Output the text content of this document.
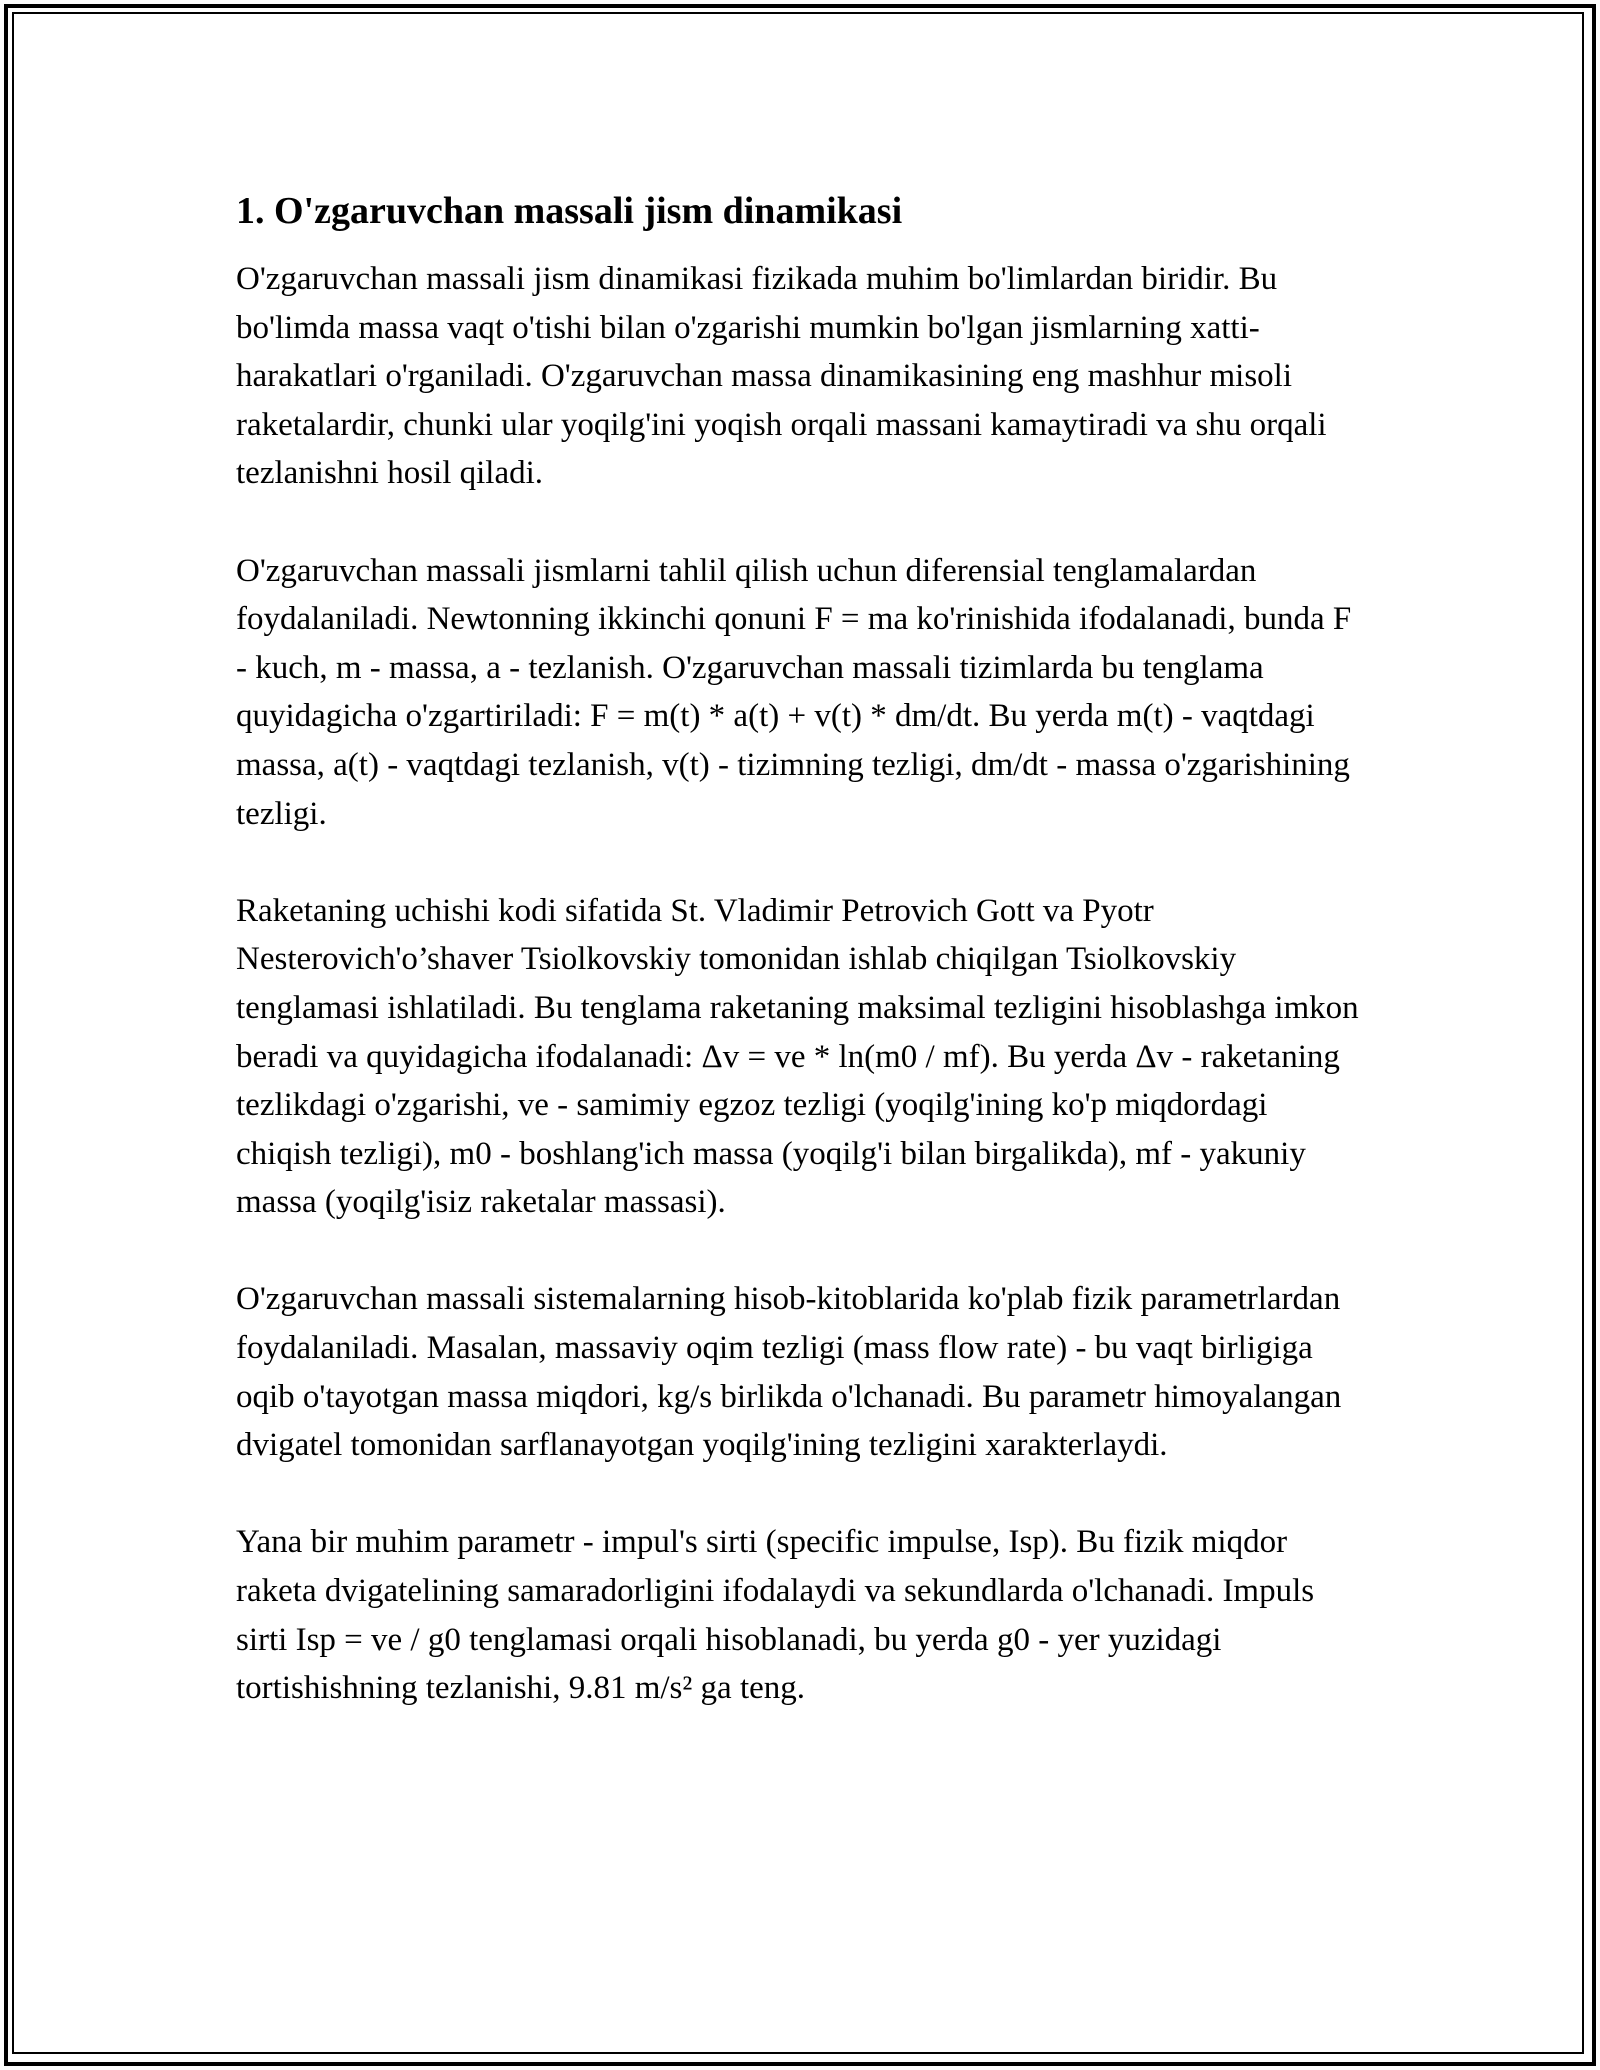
1. O'zgaruvchan massali jism dinamikasi

O'zgaruvchan massali jism dinamikasi fizikada muhim bo'limlardan biridir. Bu bo'limda massa vaqt o'tishi bilan o'zgarishi mumkin bo'lgan jismlarning xatti-harakatlari o'rganiladi. O'zgaruvchan massa dinamikasining eng mashhur misoli raketalardir, chunki ular yoqilg'ini yoqish orqali massani kamaytiradi va shu orqali tezlanishni hosil qiladi.

O'zgaruvchan massali jismlarni tahlil qilish uchun diferensial tenglamalardan foydalaniladi. Newtonning ikkinchi qonuni F = ma ko'rinishida ifodalanadi, bunda F - kuch, m - massa, a - tezlanish. O'zgaruvchan massali tizimlarda bu tenglama quyidagicha o'zgartiriladi: F = m(t) * a(t) + v(t) * dm/dt. Bu yerda m(t) - vaqtdagi massa, a(t) - vaqtdagi tezlanish, v(t) - tizimning tezligi, dm/dt - massa o'zgarishining tezligi.

Raketaning uchishi kodi sifatida St. Vladimir Petrovich Gott va Pyotr Nesterovich'o’shaver Tsiolkovskiy tomonidan ishlab chiqilgan Tsiolkovskiy tenglamasi ishlatiladi. Bu tenglama raketaning maksimal tezligini hisoblashga imkon beradi va quyidagicha ifodalanadi: Δv = ve * ln(m0 / mf). Bu yerda Δv - raketaning tezlikdagi o'zgarishi, ve - samimiy egzoz tezligi (yoqilg'ining ko'p miqdordagi chiqish tezligi), m0 - boshlang'ich massa (yoqilg'i bilan birgalikda), mf - yakuniy massa (yoqilg'isiz raketalar massasi).

O'zgaruvchan massali sistemalarning hisob-kitoblarida ko'plab fizik parametrlardan foydalaniladi. Masalan, massaviy oqim tezligi (mass flow rate) - bu vaqt birligiga oqib o'tayotgan massa miqdori, kg/s birlikda o'lchanadi. Bu parametr himoyalangan dvigatel tomonidan sarflanayotgan yoqilg'ining tezligini xarakterlaydi.

Yana bir muhim parametr - impul's sirti (specific impulse, Isp). Bu fizik miqdor raketa dvigatelining samaradorligini ifodalaydi va sekundlarda o'lchanadi. Impuls sirti Isp = ve / g0 tenglamasi orqali hisoblanadi, bu yerda g0 - yer yuzidagi tortishishning tezlanishi, 9.81 m/s² ga teng.
